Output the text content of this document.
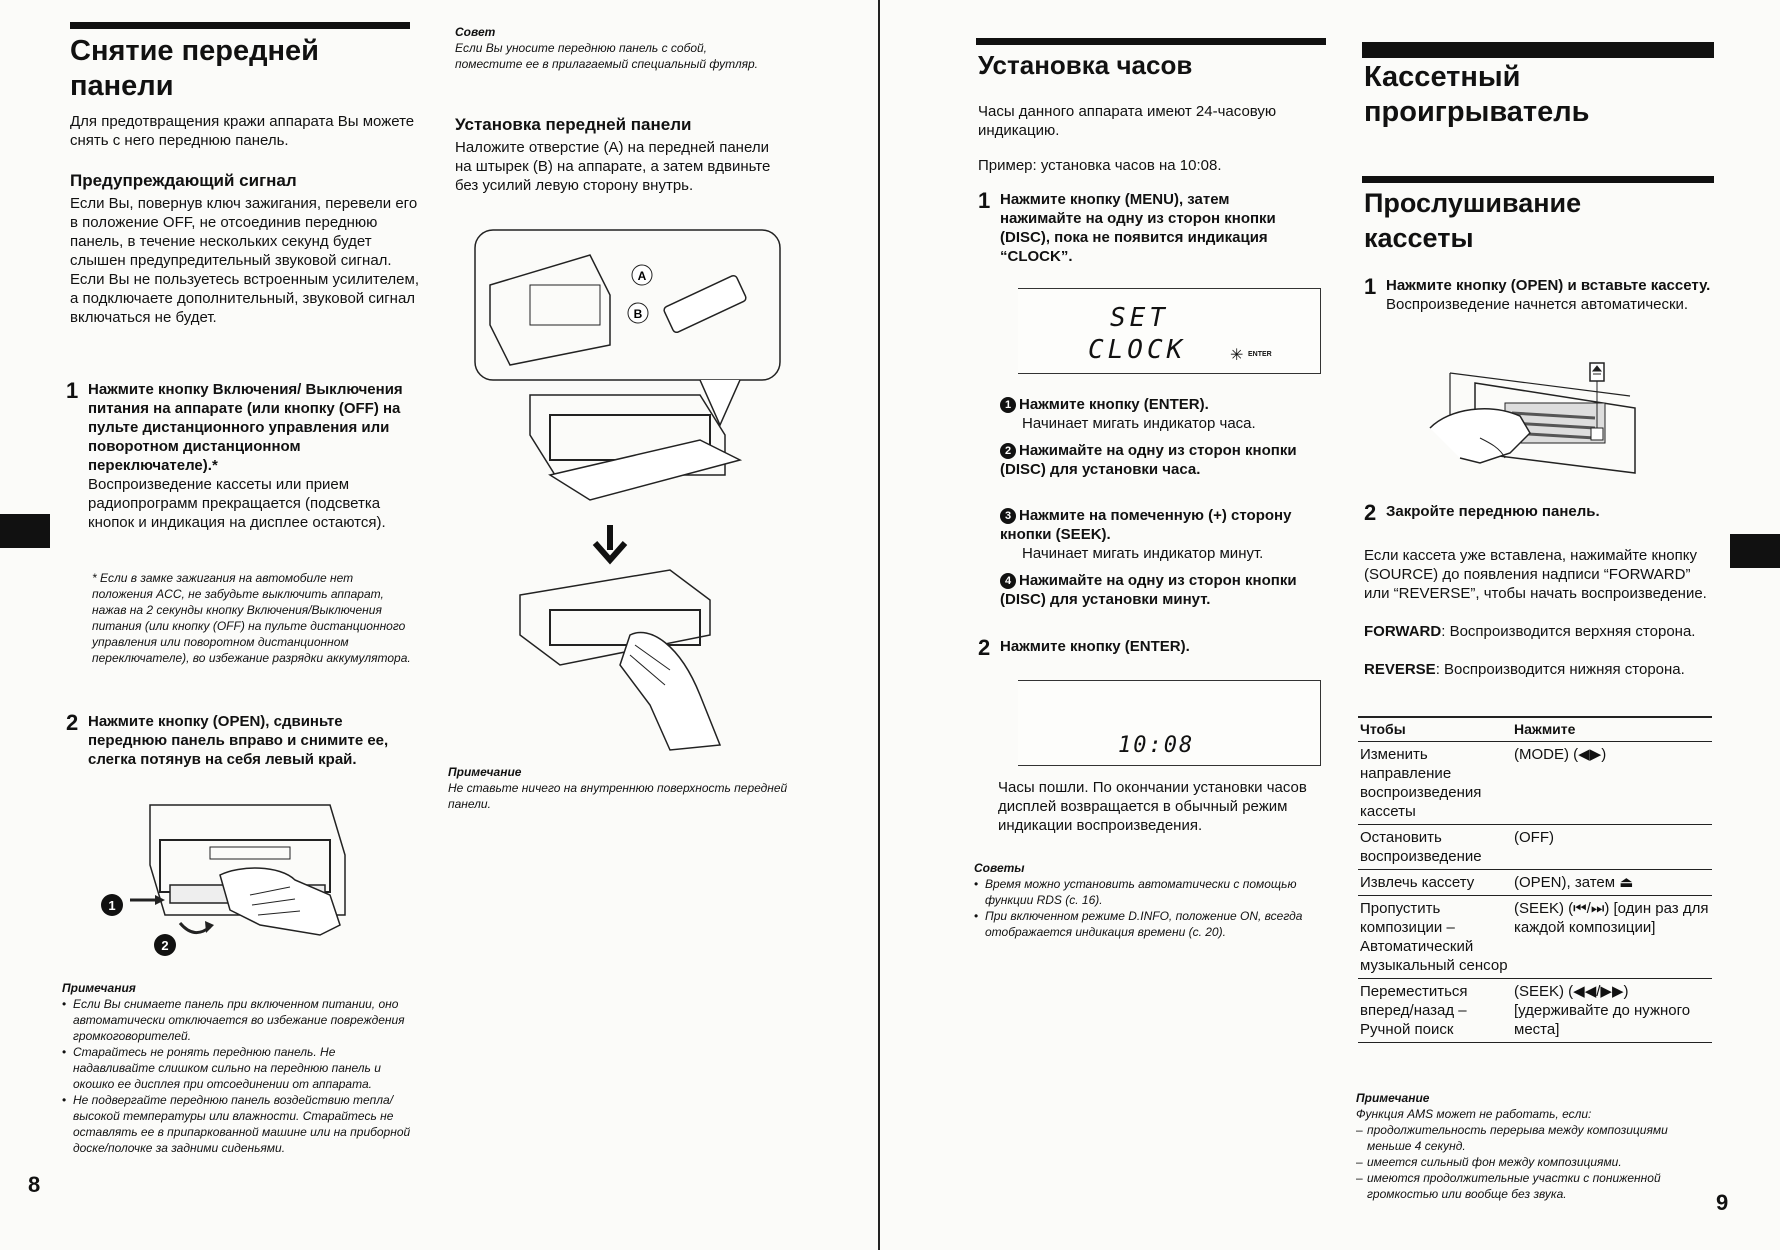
Снятие передней панели

Для предотвращения кражи аппарата Вы можете снять с него переднюю панель.

Предупреждающий сигнал

Если Вы, повернув ключ зажигания, перевели его в положение OFF, не отсоединив переднюю панель, в течение нескольких секунд будет слышен предупредительный звуковой сигнал. Если Вы не пользуетесь встроенным усилителем, а подключаете дополнительный, звуковой сигнал включаться не будет.

1 Нажмите кнопку Включения/ Выключения питания на аппарате (или кнопку (OFF) на пульте дистанционного управления или поворотном дистанционном переключателе).*
Воспроизведение кассеты или прием радиопрограмм прекращается (подсветка кнопок и индикация на дисплее остаются).

* Если в замке зажигания на автомобиле нет положения ACC, не забудьте выключить аппарат, нажав на 2 секунды кнопку Включения/Выключения питания (или кнопку (OFF) на пульте дистанционного управления или поворотном дистанционном переключателе), во избежание разрядки аккумулятора.

2 Нажмите кнопку (OPEN), сдвиньте переднюю панель вправо и снимите ее, слегка потянув на себя левый край.
1
2
Примечания
• Если Вы снимаете панель при включенном питании, оно автоматически отключается во избежание повреждения громкоговорителей.
• Старайтесь не ронять переднюю панель. Не надавливайте слишком сильно на переднюю панель и окошко ее дисплея при отсоединении от аппарата.
• Не подвергайте переднюю панель воздействию тепла/высокой температуры или влажности. Старайтесь не оставлять ее в припаркованной машине или на приборной доске/полочке за задними сиденьями.
8
Совет

Если Вы уносите переднюю панель с собой, поместите ее в прилагаемый специальный футляр.

Установка передней панели

Наложите отверстие (A) на передней панели на штырек (B) на аппарате, а затем вдвиньте без усилий левую сторону внутрь.

A
B
Примечание

Не ставьте ничего на внутреннюю поверхность передней панели.

Установка часов

Часы данного аппарата имеют 24-часовую индикацию.

Пример: установка часов на 10:08.

1 Нажмите кнопку (MENU), затем нажимайте на одну из сторон кнопки (DISC), пока не появится индикация “CLOCK”.
SET
CLOCK	✳ ENTER
1 Нажмите кнопку (ENTER).
Начинает мигать индикатор часа.
2 Нажимайте на одну из сторон кнопки (DISC) для установки часа.
3 Нажмите на помеченную (+) сторону кнопки (SEEK).
Начинает мигать индикатор минут.
4 Нажимайте на одну из сторон кнопки (DISC) для установки минут.
2 Нажмите кнопку (ENTER).
10:08

Часы пошли. По окончании установки часов дисплей возвращается в обычный режим индикации воспроизведения.

Советы
• Время можно установить автоматически с помощью функции RDS (с. 16).
• При включенном режиме D.INFO, положение ON, всегда отображается индикация времени (с. 20).
Кассетный проигрыватель
Прослушивание кассеты
1 Нажмите кнопку (OPEN) и вставьте кассету.
Воспроизведение начнется автоматически.
2 Закройте переднюю панель.

Если кассета уже вставлена, нажимайте кнопку (SOURCE) до появления надписи “FORWARD” или “REVERSE”, чтобы начать воспроизведение.

FORWARD: Воспроизводится верхняя сторона.

REVERSE: Воспроизводится нижняя сторона.

Чтобы	Нажмите
Изменить направление воспроизведения кассеты	(MODE) (◀▶)
Остановить воспроизведение	(OFF)
Извлечь кассету	(OPEN), затем ⏏
Пропустить композиции – Автоматический музыкальный сенсор	(SEEK) (⏮/⏭) [один раз для каждой композиции]
Переместиться вперед/назад – Ручной поиск	(SEEK) (◀◀/▶▶) [удерживайте до нужного места]
Примечание
Функция AMS может не работать, если:
– продолжительность перерыва между композициями меньше 4 секунд.
– имеется сильный фон между композициями.
– имеются продолжительные участки с пониженной громкостью или вообще без звука.	9
